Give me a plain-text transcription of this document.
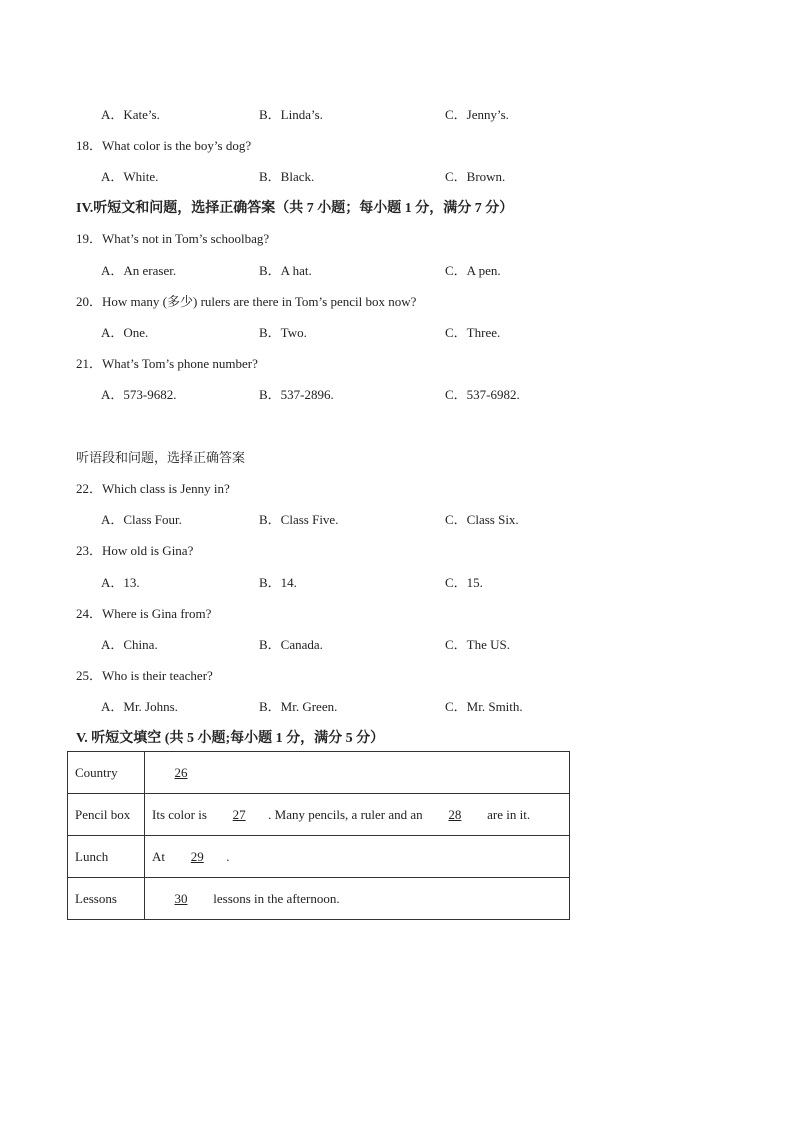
A．Kate’s.	B．Linda’s.	C．Jenny’s.
18．What color is the boy’s dog?
A．White.	B．Black.	C．Brown.
IV.听短文和问题，选择正确答案（共 7 小题；每小题 1 分，满分 7 分）
19．What’s not in Tom’s schoolbag?
A．An eraser.	B．A hat.	C．A pen.
20．How many (多少) rulers are there in Tom’s pencil box now?
A．One.	B．Two.	C．Three.
21．What’s Tom’s phone number?
A．573-9682.	B．537-2896.	C．537-6982.
听语段和问题，选择正确答案
22．Which class is Jenny in?
A．Class Four.	B．Class Five.	C．Class Six.
23．How old is Gina?
A．13.	B．14.	C．15.
24．Where is Gina from?
A．China.	B．Canada.	C．The US.
25．Who is their teacher?
A．Mr. Johns.	B．Mr. Green.	C．Mr. Smith.
V. 听短文填空 (共 5 小题;每小题 1 分，满分 5 分）
Country	26
Pencil box	Its color is 27 . Many pencils, a ruler and an 28 are in it.
Lunch	At 29 .
Lessons	30 lessons in the afternoon.
